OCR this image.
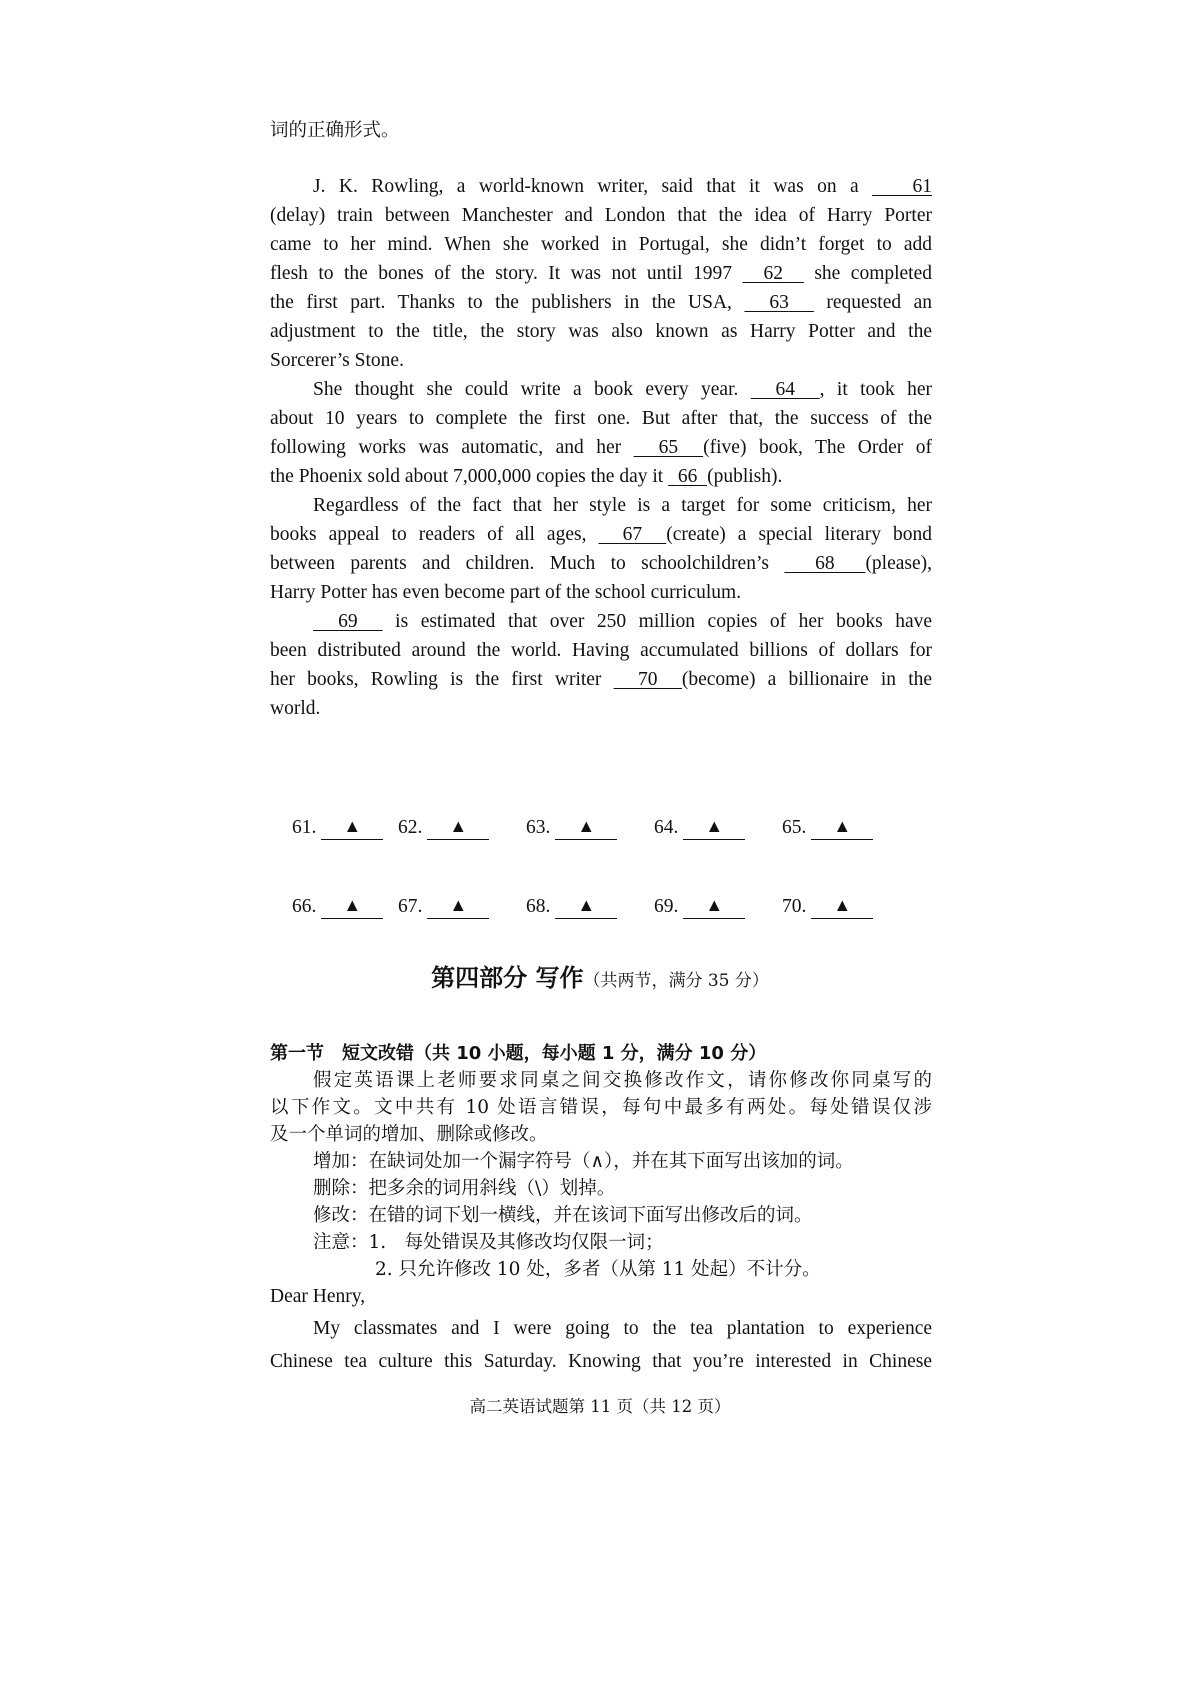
词的正确形式。
J. K. Rowling, a world-known writer, said that it was on a	61
(delay) train between Manchester and London that the idea of Harry Porter
came to her mind. When she worked in Portugal, she didn’t forget to add
flesh to the bones of the story. It was not until 1997 62 she completed
the first part. Thanks to the publishers in the USA, 63 requested an
adjustment to the title, the story was also known as Harry Potter and the
Sorcerer’s Stone.
She thought she could write a book every year. 64 , it took her
about 10 years to complete the first one. But after that, the success of the
following works was automatic, and her 65 (five) book, The Order of
the Phoenix sold about 7,000,000 copies the day it 66 (publish).
Regardless of the fact that her style is a target for some criticism, her
books appeal to readers of all ages, 67 (create) a special literary bond
between parents and children. Much to schoolchildren’s 68 (please),
Harry Potter has even become part of the school curriculum.
69 is estimated that over 250 million copies of her books have
been distributed around the world. Having accumulated billions of dollars for
her books, Rowling is the first writer 70 (become) a billionaire in the
world.
61. ▲	62. ▲	63. ▲	64. ▲	65. ▲
66. ▲	67. ▲	68. ▲	69. ▲	70. ▲
第四部分 写作（共两节，满分 35 分）
第一节　短文改错（共 10 小题，每小题 1 分，满分 10 分）
假定英语课上老师要求同桌之间交换修改作文，请你修改你同桌写的
以下作文。文中共有 10 处语言错误，每句中最多有两处。每处错误仅涉
及一个单词的增加、删除或修改。
增加：在缺词处加一个漏字符号（∧），并在其下面写出该加的词。
删除：把多余的词用斜线（\）划掉。
修改：在错的词下划一横线，并在该词下面写出修改后的词。
注意：1.　每处错误及其修改均仅限一词；
2. 只允许修改 10 处，多者（从第 11 处起）不计分。
Dear Henry,
My classmates and I were going to the tea plantation to experience
Chinese tea culture this Saturday. Knowing that you’re interested in Chinese
高二英语试题第 11 页（共 12 页）
